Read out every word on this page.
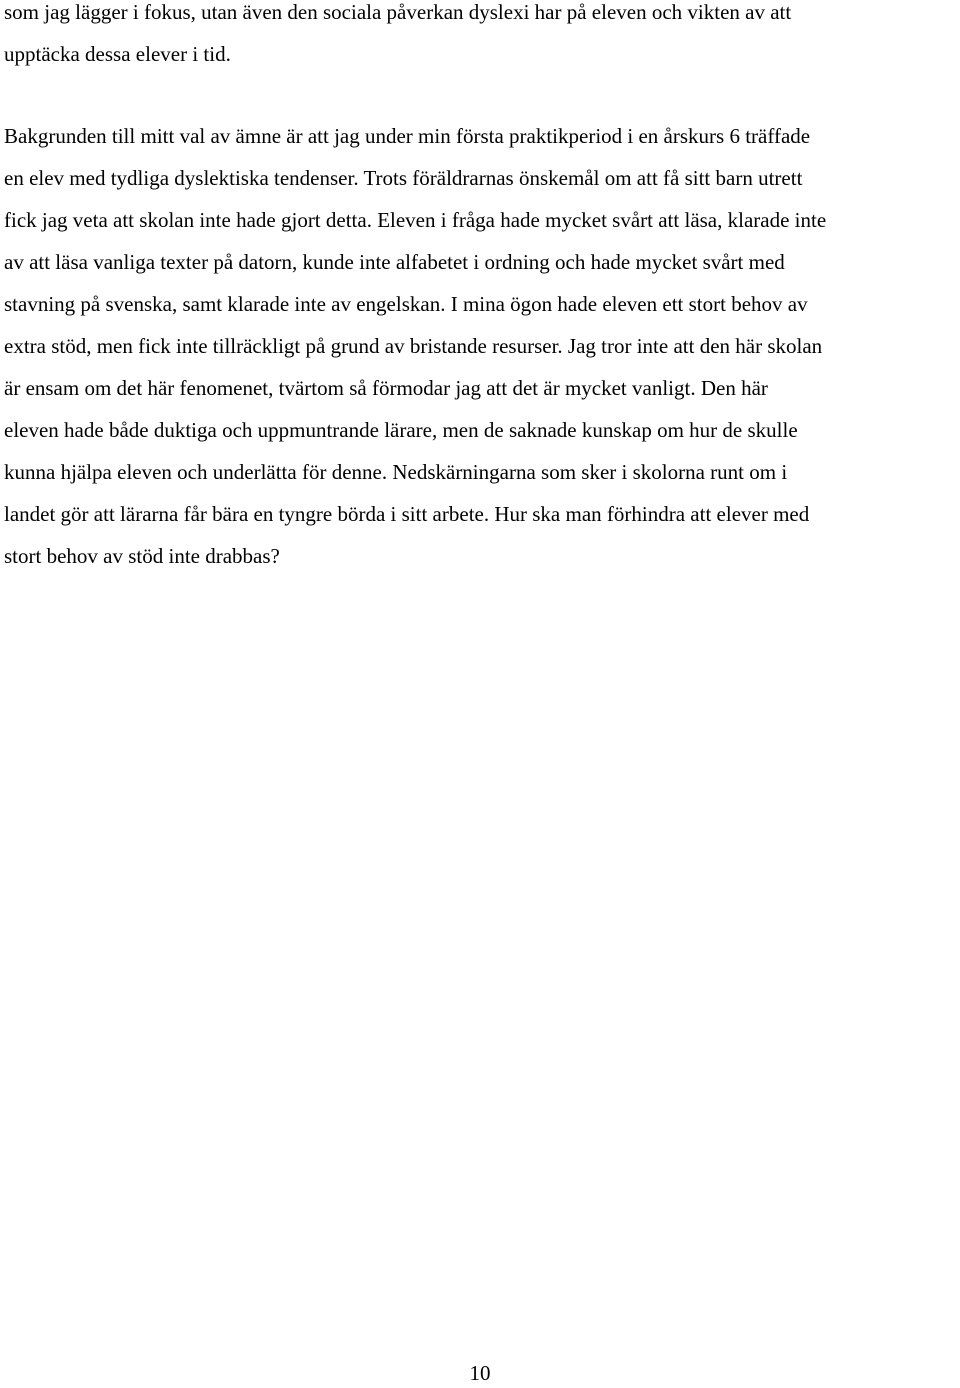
som jag lägger i fokus, utan även den sociala påverkan dyslexi har på eleven och vikten av att
upptäcka dessa elever i tid.
Bakgrunden till mitt val av ämne är att jag under min första praktikperiod i en årskurs 6 träffade
en elev med tydliga dyslektiska tendenser. Trots föräldrarnas önskemål om att få sitt barn utrett
fick jag veta att skolan inte hade gjort detta. Eleven i fråga hade mycket svårt att läsa, klarade inte
av att läsa vanliga texter på datorn, kunde inte alfabetet i ordning och hade mycket svårt med
stavning på svenska, samt klarade inte av engelskan. I mina ögon hade eleven ett stort behov av
extra stöd, men fick inte tillräckligt på grund av bristande resurser. Jag tror inte att den här skolan
är ensam om det här fenomenet, tvärtom så förmodar jag att det är mycket vanligt. Den här
eleven hade både duktiga och uppmuntrande lärare, men de saknade kunskap om hur de skulle
kunna hjälpa eleven och underlätta för denne. Nedskärningarna som sker i skolorna runt om i
landet gör att lärarna får bära en tyngre börda i sitt arbete. Hur ska man förhindra att elever med
stort behov av stöd inte drabbas?
10
